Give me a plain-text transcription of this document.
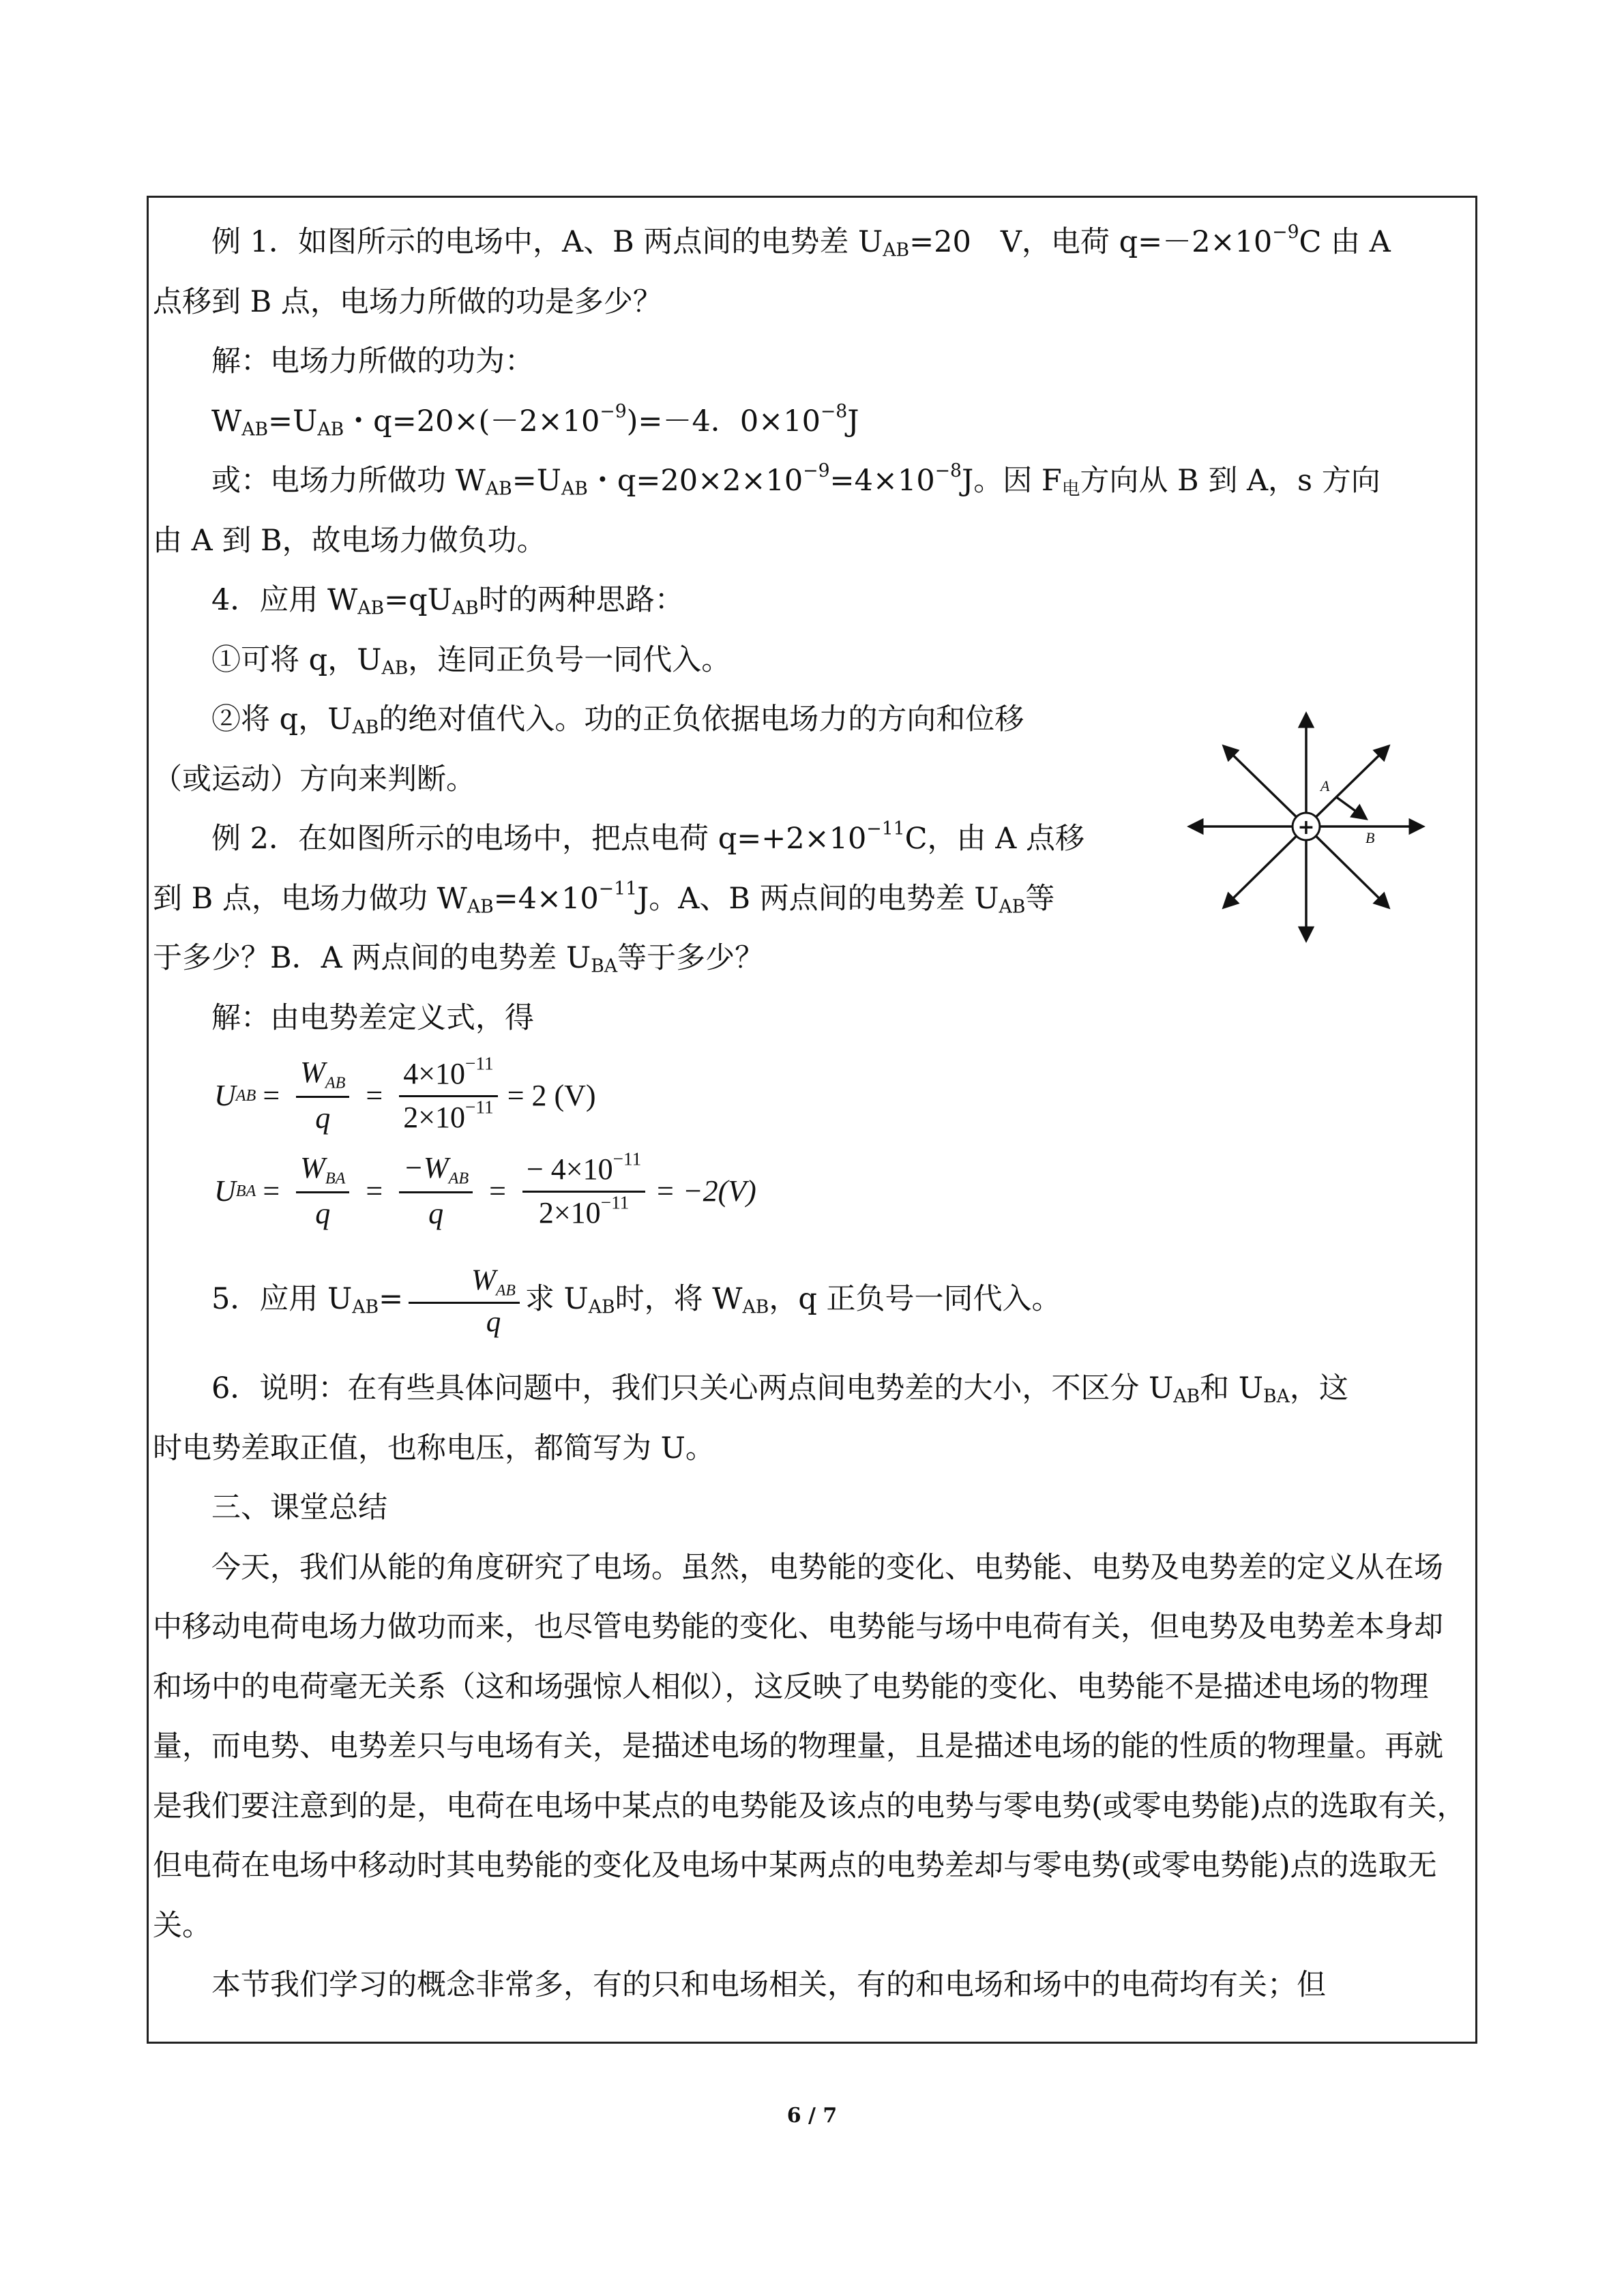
例 1．如图所示的电场中，A、B 两点间的电势差 $U_{AB}=20$　V，电荷 $q=-2\times 10^{-9}C$ 由 A

点移到 B 点，电场力所做的功是多少？

解：电场力所做的功为：

$W_{AB}=U_{AB}$・$q=20\times(-2\times 10^{-9})=-4$．$0\times 10^{-8}J$

或：电场力所做功 $W_{AB}=U_{AB}$・$q=20\times 2\times 10^{-9}=4\times 10^{-8}J$。因 $F_电$方向从 B 到 A，s 方向

由 A 到 B，故电场力做负功。

4．应用 $W_{AB}=qU_{AB}$时的两种思路：

①可将 q，$U_{AB}$，连同正负号一同代入。

②将 q，$U_{AB}$的绝对值代入。功的正负依据电场力的方向和位移

（或运动）方向来判断。

例 2．在如图所示的电场中，把点电荷 $q=+2\times 10^{-11}C$，由 A 点移

到 B 点，电场力做功 $W_{AB}=4\times 10^{-11}J$。A、B 两点间的电势差 $U_{AB}$等

于多少？B．A 两点间的电势差 $U_{BA}$等于多少？

解：由电势差定义式，得

U AB = $\frac{\text{WAB}}{q} = \frac{4\times 10^{-11}}{2\times 10^{-11}} = 2$ (V)
U BA = $\frac{\text{WBA}}{q} = \frac{\text{−WAB}}{q} = \frac{- 4\times 10^{-11}}{2\times 10^{-11}} = -2(V)$

5．应用 $U_{AB}= \frac{\text{WAB}}{q}$ 求 $U_{AB}$时，将 $W_{AB}$，q 正负号一同代入。

6．说明：在有些具体问题中，我们只关心两点间电势差的大小，不区分 $U_{AB}$和 $U_{BA}$，这

时电势差取正值，也称电压，都简写为 U。

三、课堂总结

今天，我们从能的角度研究了电场。虽然，电势能的变化、电势能、电势及电势差的定义从在场中移动电荷电场力做功而来，也尽管电势能的变化、电势能与场中电荷有关，但电势及电势差本身却和场中的电荷毫无关系（这和场强惊人相似），这反映了电势能的变化、电势能不是描述电场的物理量，而电势、电势差只与电场有关，是描述电场的物理量，且是描述电场的能的性质的物理量。再就是我们要注意到的是，电荷在电场中某点的电势能及该点的电势与零电势(或零电势能)点的选取有关，但电荷在电场中移动时其电势能的变化及电场中某两点的电势差却与零电势(或零电势能)点的选取无关。

本节我们学习的概念非常多，有的只和电场相关，有的和电场和场中的电荷均有关；但

+
A
B
6 / 7
